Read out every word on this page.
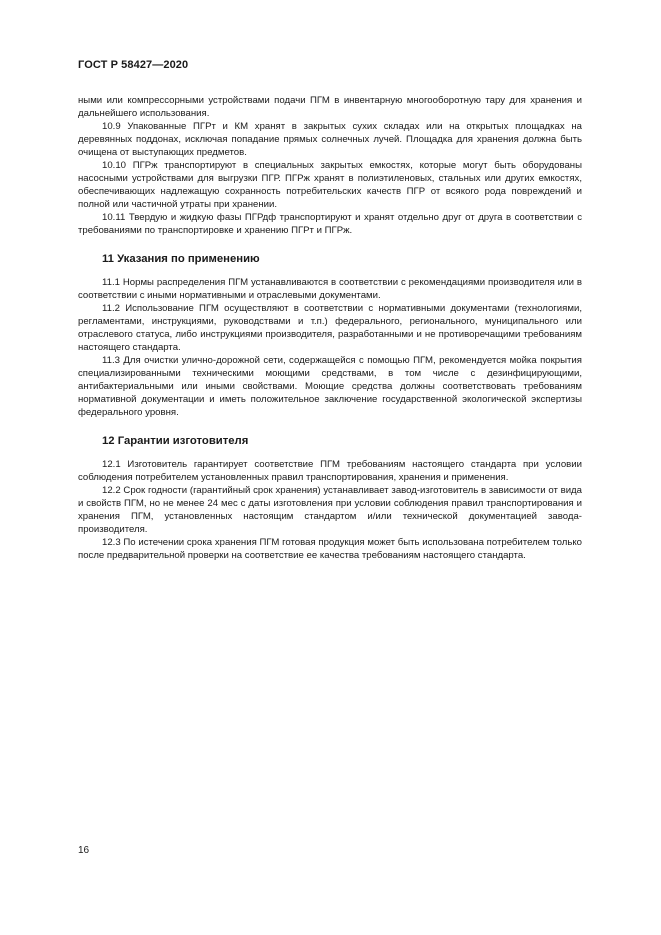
ГОСТ Р 58427—2020

ными или компрессорными устройствами подачи ПГМ в инвентарную многооборотную тару для хранения и дальнейшего использования.

10.9 Упакованные ПГРт и КМ хранят в закрытых сухих складах или на открытых площадках на деревянных поддонах, исключая попадание прямых солнечных лучей. Площадка для хранения должна быть очищена от выступающих предметов.

10.10 ПГРж транспортируют в специальных закрытых емкостях, которые могут быть оборудованы насосными устройствами для выгрузки ПГР. ПГРж хранят в полиэтиленовых, стальных или других емкостях, обеспечивающих надлежащую сохранность потребительских качеств ПГР от всякого рода повреждений и полной или частичной утраты при хранении.

10.11 Твердую и жидкую фазы ПГРдф транспортируют и хранят отдельно друг от друга в соответствии с требованиями по транспортировке и хранению ПГРт и ПГРж.

11 Указания по применению

11.1 Нормы распределения ПГМ устанавливаются в соответствии с рекомендациями производителя или в соответствии с иными нормативными и отраслевыми документами.

11.2 Использование ПГМ осуществляют в соответствии с нормативными документами (технологиями, регламентами, инструкциями, руководствами и т.п.) федерального, регионального, муниципального или отраслевого статуса, либо инструкциями производителя, разработанными и не противоречащими требованиям настоящего стандарта.

11.3 Для очистки улично-дорожной сети, содержащейся с помощью ПГМ, рекомендуется мойка покрытия специализированными техническими моющими средствами, в том числе с дезинфицирующими, антибактериальными или иными свойствами. Моющие средства должны соответствовать требованиям нормативной документации и иметь положительное заключение государственной экологической экспертизы федерального уровня.

12 Гарантии изготовителя

12.1 Изготовитель гарантирует соответствие ПГМ требованиям настоящего стандарта при условии соблюдения потребителем установленных правил транспортирования, хранения и применения.

12.2 Срок годности (гарантийный срок хранения) устанавливает завод-изготовитель в зависимости от вида и свойств ПГМ, но не менее 24 мес с даты изготовления при условии соблюдения правил транспортирования и хранения ПГМ, установленных настоящим стандартом и/или технической документацией завода-производителя.

12.3 По истечении срока хранения ПГМ готовая продукция может быть использована потребителем только после предварительной проверки на соответствие ее качества требованиям настоящего стандарта.

16
